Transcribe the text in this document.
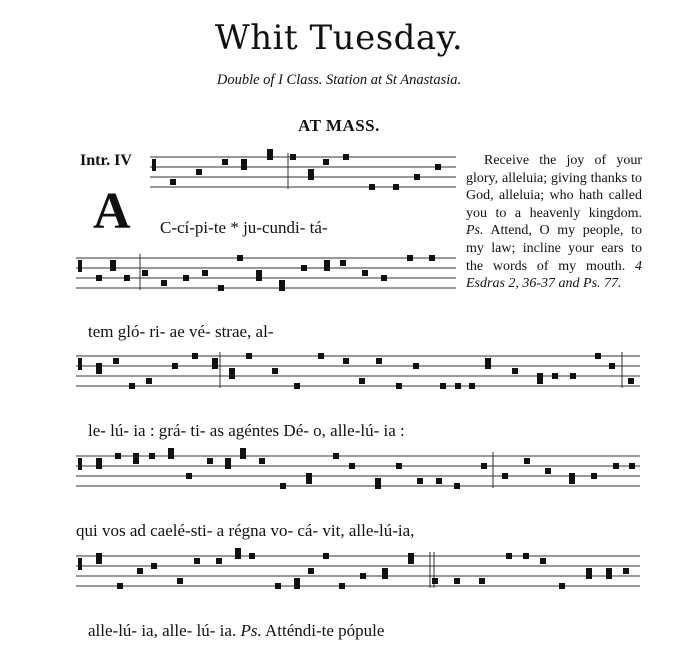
Whit Tuesday.
Double of I Class. Station at St Anastasia.
AT MASS.
Intr. IV
A C-cí-pi-te * ju-cundi- tá-
tem gló- ri- ae vé- strae, al-
le- lú- ia : grá- ti- as agéntes Dé- o, alle-lú- ia :
qui vos ad caelé-sti- a régna vo- cá- vit, alle-lú-ia,
alle-lú- ia, alle- lú- ia. Ps. Atténdi-te pópule
Receive the joy of your glory, alleluia; giving thanks to God, alleluia; who hath called you to a heavenly kingdom. Ps. Attend, O my people, to my law; incline your ears to the words of my mouth. 4 Esdras 2, 36-37 and Ps. 77.
